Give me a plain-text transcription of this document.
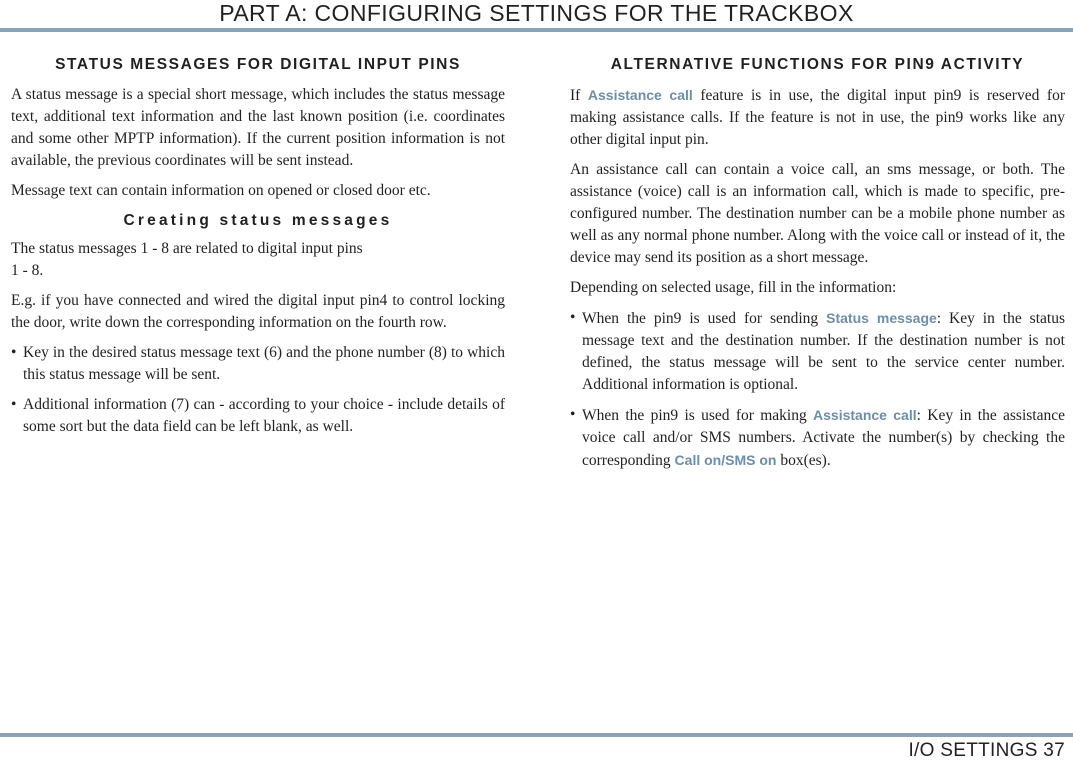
PART A: CONFIGURING SETTINGS FOR THE TRACKBOX
STATUS MESSAGES FOR DIGITAL INPUT PINS

A status message is a special short message, which includes the status message text, additional text information and the last known position (i.e. coordinates and some other MPTP information). If the current position information is not available, the previous coordinates will be sent instead.

Message text can contain information on opened or closed door etc.

Creating status messages

The status messages 1 - 8 are related to digital input pins
1 - 8.

E.g. if you have connected and wired the digital input pin4 to control locking the door, write down the corresponding information on the fourth row.

• Key in the desired status message text (6) and the phone number (8) to which this status message will be sent.
• Additional information (7) can - according to your choice - include details of some sort but the data field can be left blank, as well.
ALTERNATIVE FUNCTIONS FOR PIN9 ACTIVITY

If Assistance call feature is in use, the digital input pin9 is reserved for making assistance calls. If the feature is not in use, the pin9 works like any other digital input pin.

An assistance call can contain a voice call, an sms message, or both. The assistance (voice) call is an information call, which is made to specific, pre-configured number. The destination number can be a mobile phone number as well as any normal phone number. Along with the voice call or instead of it, the device may send its position as a short message.

Depending on selected usage, fill in the information:

• When the pin9 is used for sending Status message: Key in the status message text and the destination number. If the destination number is not defined, the status message will be sent to the service center number. Additional information is optional.
• When the pin9 is used for making Assistance call: Key in the assistance voice call and/or SMS numbers. Activate the number(s) by checking the corresponding Call on/SMS on box(es).
I/O SETTINGS 37
